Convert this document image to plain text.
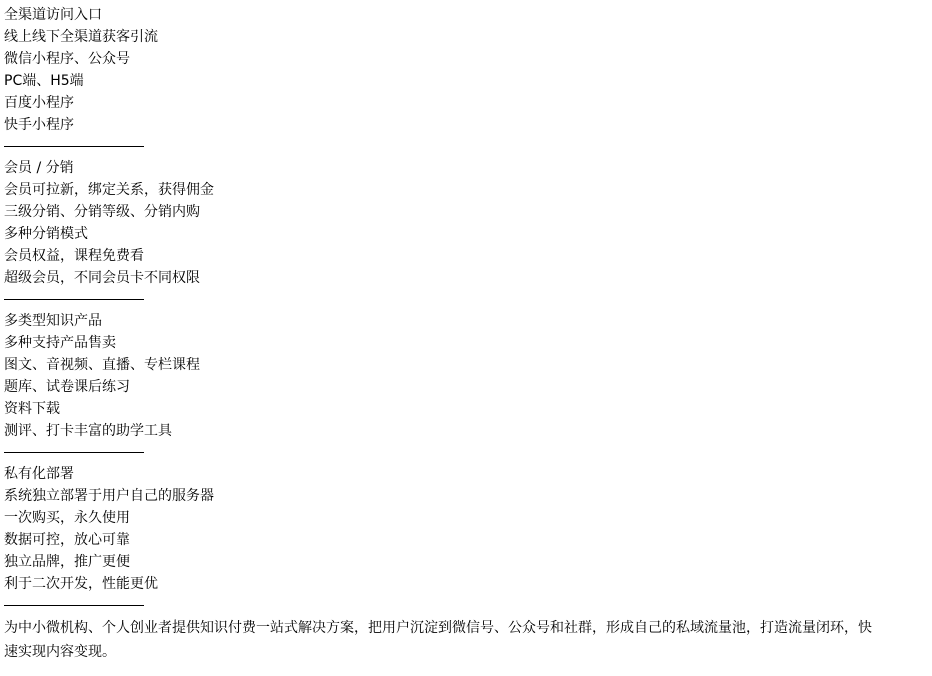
全渠道访问入口
线上线下全渠道获客引流
微信小程序、公众号
PC端、H5端
百度小程序
快手小程序
会员 / 分销
会员可拉新，绑定关系，获得佣金
三级分销、分销等级、分销内购
多种分销模式
会员权益，课程免费看
超级会员，不同会员卡不同权限
多类型知识产品
多种支持产品售卖
图文、音视频、直播、专栏课程
题库、试卷课后练习
资料下载
测评、打卡丰富的助学工具
私有化部署
系统独立部署于用户自己的服务器
一次购买，永久使用
数据可控，放心可靠
独立品牌，推广更便
利于二次开发，性能更优
为中小微机构、个人创业者提供知识付费一站式解决方案，把用户沉淀到微信号、公众号和社群，形成自己的私域流量池，打造流量闭环，快速实现内容变现。
